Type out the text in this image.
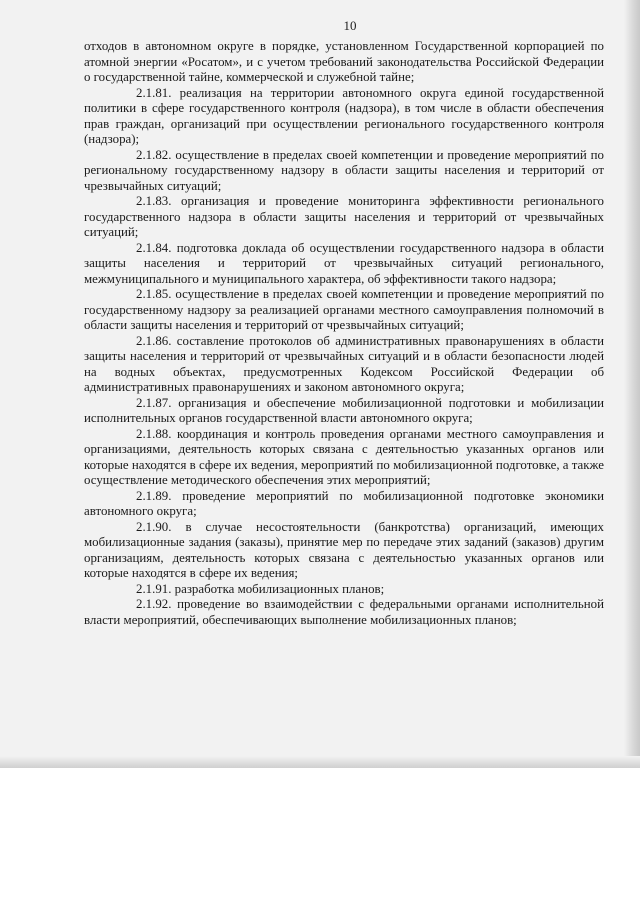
10

отходов в автономном округе в порядке, установленном Государственной корпорацией по атомной энергии «Росатом», и с учетом требований законодательства Российской Федерации о государственной тайне, коммерческой и служебной тайне;

2.1.81. реализация на территории автономного округа единой государственной политики в сфере государственного контроля (надзора), в том числе в области обеспечения прав граждан, организаций при осуществлении регионального государственного контроля (надзора);

2.1.82. осуществление в пределах своей компетенции и проведение мероприятий по региональному государственному надзору в области защиты населения и территорий от чрезвычайных ситуаций;

2.1.83. организация и проведение мониторинга эффективности регионального государственного надзора в области защиты населения и территорий от чрезвычайных ситуаций;

2.1.84. подготовка доклада об осуществлении государственного надзора в области защиты населения и территорий от чрезвычайных ситуаций регионального, межмуниципального и муниципального характера, об эффективности такого надзора;

2.1.85. осуществление в пределах своей компетенции и проведение мероприятий по государственному надзору за реализацией органами местного самоуправления полномочий в области защиты населения и территорий от чрезвычайных ситуаций;

2.1.86. составление протоколов об административных правонарушениях в области защиты населения и территорий от чрезвычайных ситуаций и в области безопасности людей на водных объектах, предусмотренных Кодексом Российской Федерации об административных правонарушениях и законом автономного округа;

2.1.87. организация и обеспечение мобилизационной подготовки и мобилизации исполнительных органов государственной власти автономного округа;

2.1.88. координация и контроль проведения органами местного самоуправления и организациями, деятельность которых связана с деятельностью указанных органов или которые находятся в сфере их ведения, мероприятий по мобилизационной подготовке, а также осуществление методического обеспечения этих мероприятий;

2.1.89. проведение мероприятий по мобилизационной подготовке экономики автономного округа;

2.1.90. в случае несостоятельности (банкротства) организаций, имеющих мобилизационные задания (заказы), принятие мер по передаче этих заданий (заказов) другим организациям, деятельность которых связана с деятельностью указанных органов или которые находятся в сфере их ведения;

2.1.91. разработка мобилизационных планов;

2.1.92. проведение во взаимодействии с федеральными органами исполнительной власти мероприятий, обеспечивающих выполнение мобилизационных планов;
